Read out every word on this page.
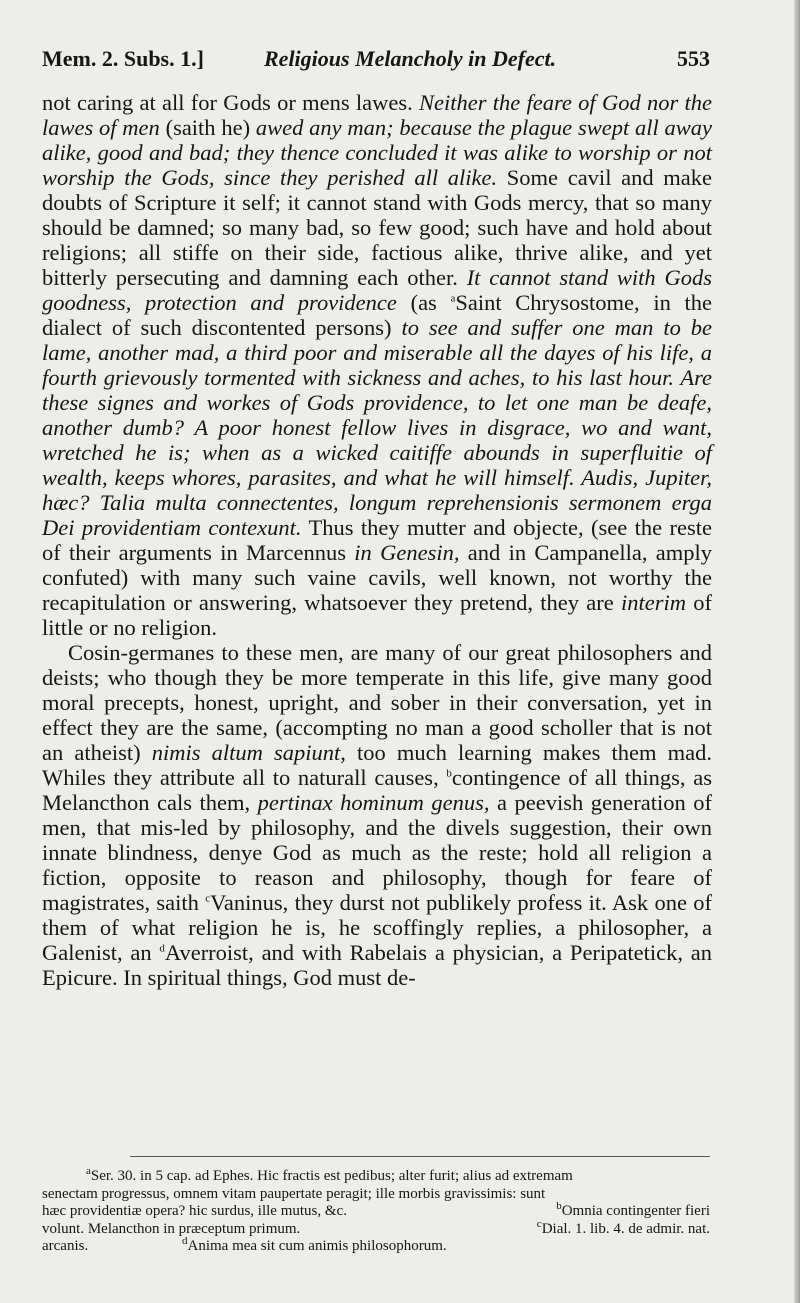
Mem. 2. Subs. 1.]	Religious Melancholy in Defect.	553

not caring at all for Gods or mens lawes. Neither the feare of God nor the lawes of men (saith he) awed any man; because the plague swept all away alike, good and bad; they thence concluded it was alike to worship or not worship the Gods, since they perished all alike. Some cavil and make doubts of Scripture it self; it cannot stand with Gods mercy, that so many should be damned; so many bad, so few good; such have and hold about religions; all stiffe on their side, factious alike, thrive alike, and yet bitterly persecuting and damning each other. It cannot stand with Gods goodness, protection and providence (as $^a$Saint Chrysostome, in the dialect of such discontented persons) to see and suffer one man to be lame, another mad, a third poor and miserable all the dayes of his life, a fourth grievously tormented with sickness and aches, to his last hour. Are these signes and workes of Gods providence, to let one man be deafe, another dumb? A poor honest fellow lives in disgrace, wo and want, wretched he is; when as a wicked caitiffe abounds in superfluitie of wealth, keeps whores, parasites, and what he will himself. Audis, Jupiter, hæc? Talia multa connectentes, longum reprehensionis sermonem erga Dei providentiam contexunt. Thus they mutter and objecte, (see the reste of their arguments in Marcennus in Genesin, and in Campanella, amply confuted) with many such vaine cavils, well known, not worthy the recapitulation or answering, whatsoever they pretend, they are interim of little or no religion.

Cosin-germanes to these men, are many of our great philosophers and deists; who though they be more temperate in this life, give many good moral precepts, honest, upright, and sober in their conversation, yet in effect they are the same, (accompting no man a good scholler that is not an atheist) nimis altum sapiunt, too much learning makes them mad. Whiles they attribute all to naturall causes, $^b$contingence of all things, as Melancthon cals them, pertinax hominum genus, a peevish generation of men, that mis-led by philosophy, and the divels suggestion, their own innate blindness, denye God as much as the reste; hold all religion a fiction, opposite to reason and philosophy, though for feare of magistrates, saith $^c$Vaninus, they durst not publikely profess it. Ask one of them of what religion he is, he scoffingly replies, a philosopher, a Galenist, an $^d$Averroist, and with Rabelais a physician, a Peripatetick, an Epicure. In spiritual things, God must de-

$^a$Ser. 30. in 5 cap. ad Ephes. Hic fractis est pedibus; alter furit; alius ad extremam

senectam progressus, omnem vitam paupertate peragit; ille morbis gravissimis: sunt

hæc providentiæ opera? hic surdus, ille mutus, &c.	$^b$Omnia contingenter fieri
volunt. Melancthon in præceptum primum.	$^c$Dial. 1. lib. 4. de admir. nat.
arcanis.	$^d$Anima mea sit cum animis philosophorum.
